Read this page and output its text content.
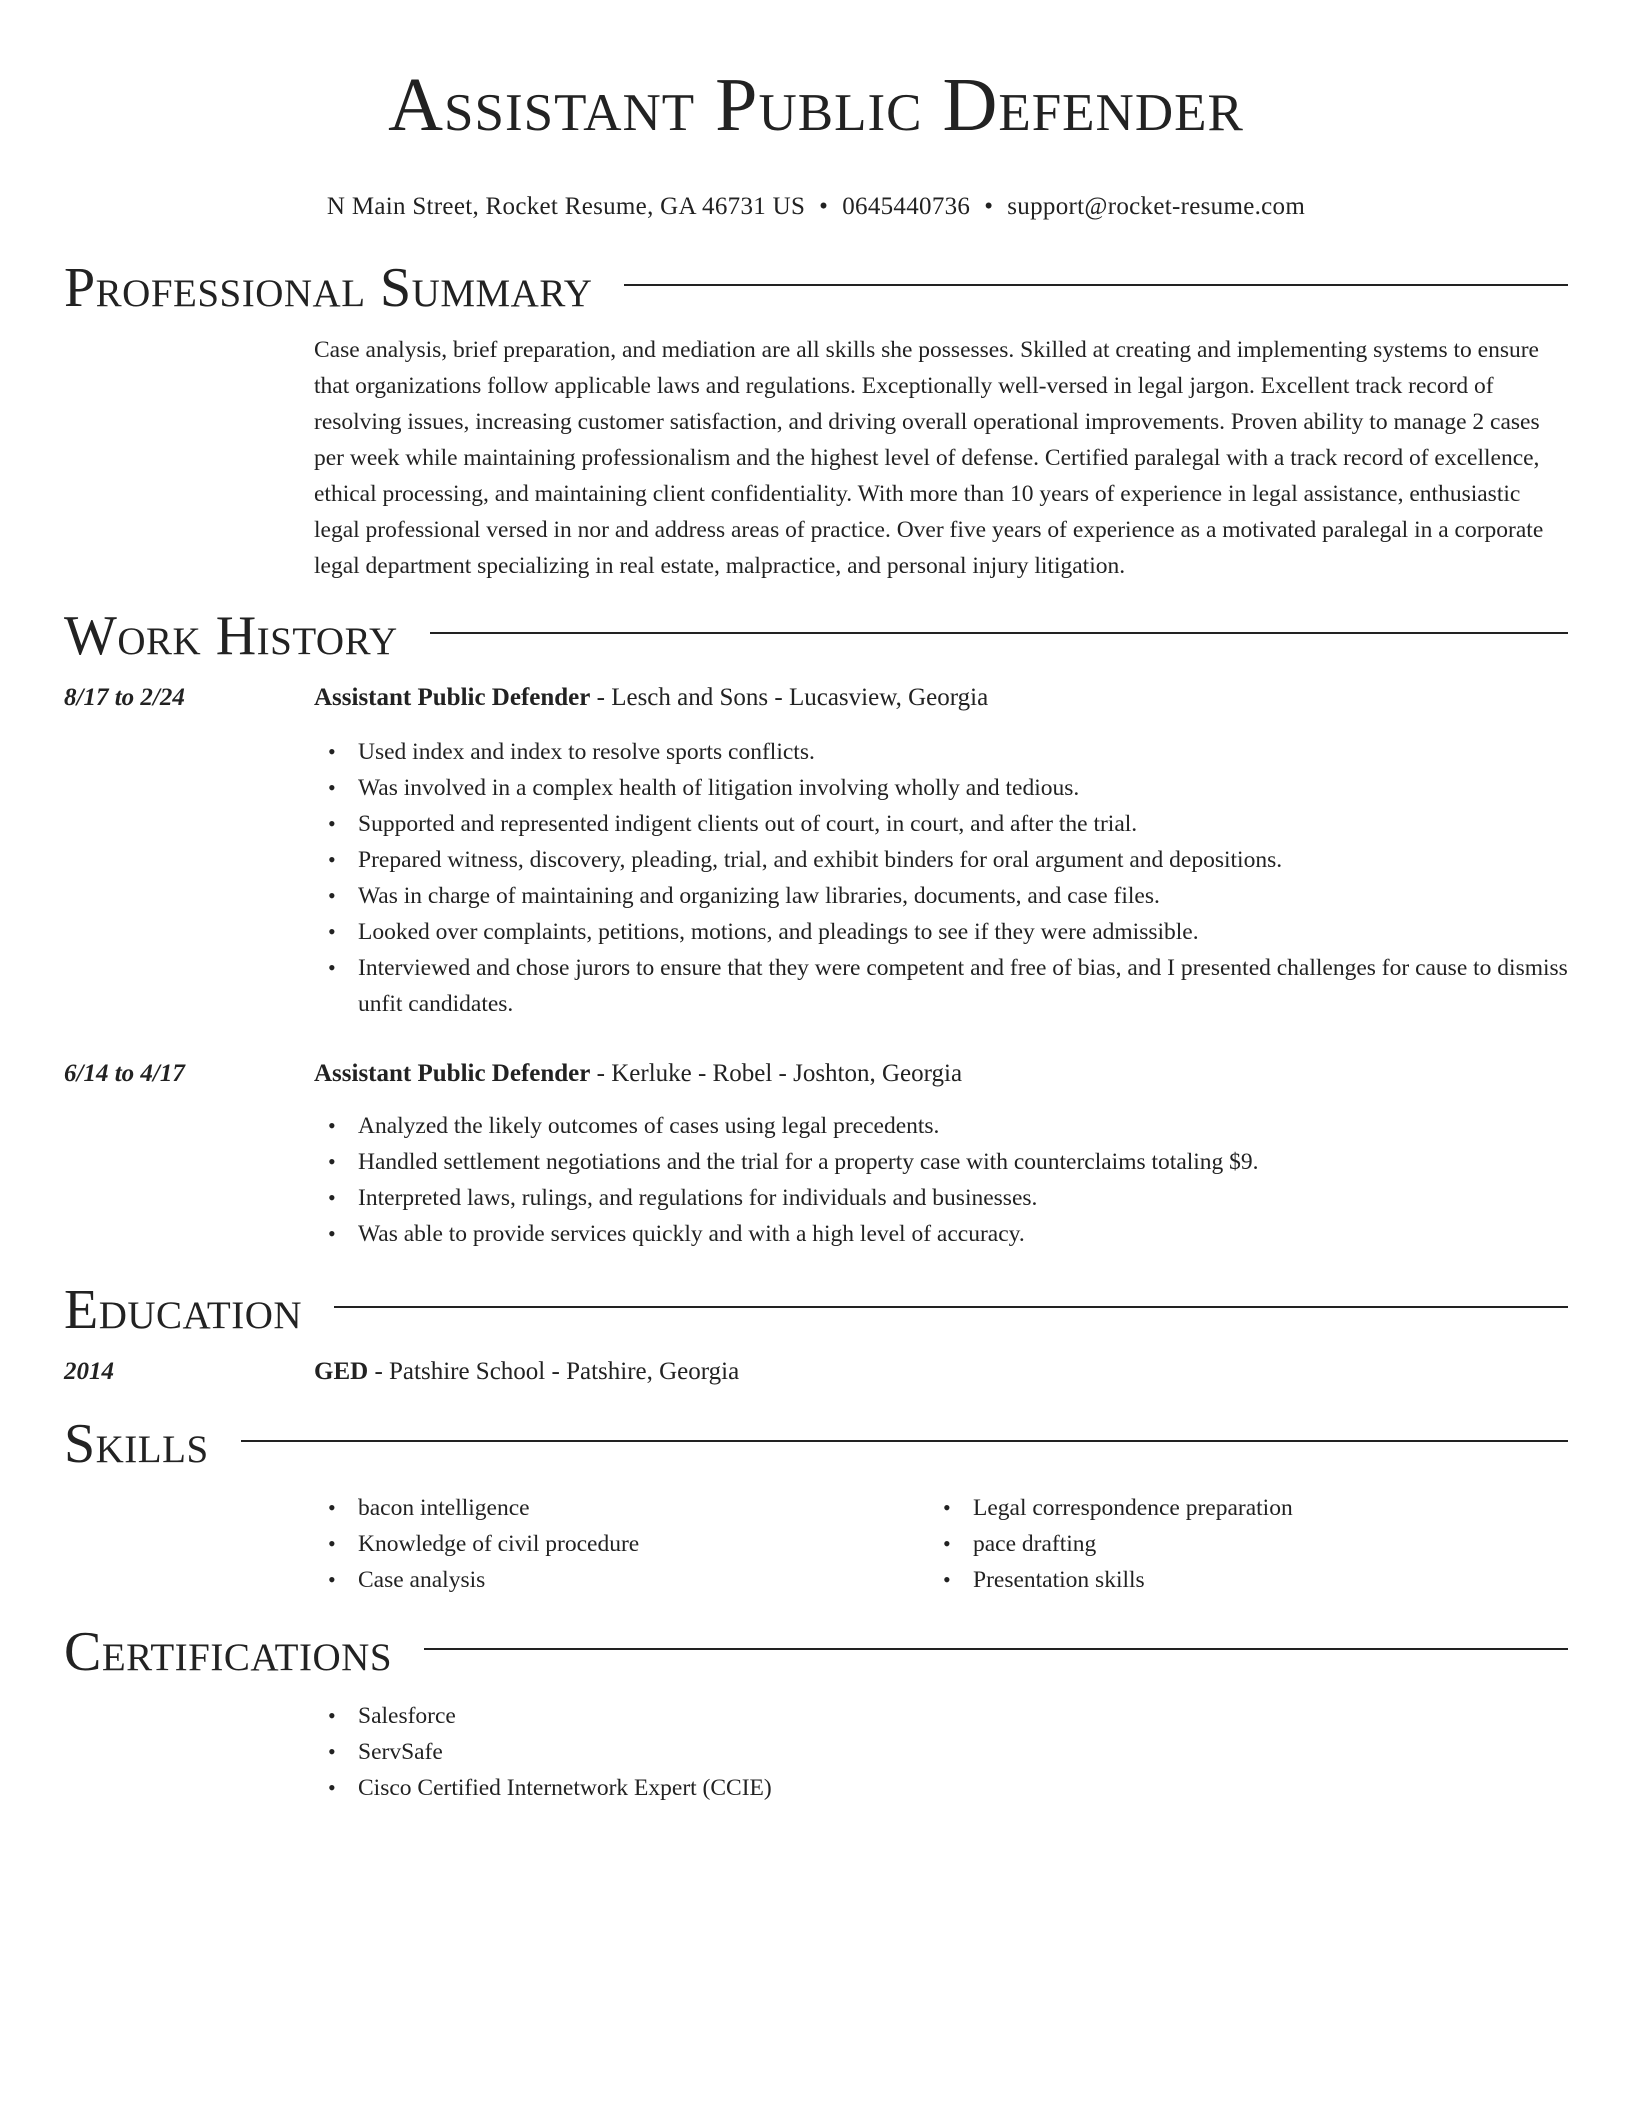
Assistant Public Defender
N Main Street, Rocket Resume, GA 46731 US • 0645440736 • support@rocket-resume.com
Professional Summary

Case analysis, brief preparation, and mediation are all skills she possesses. Skilled at creating and implementing systems to ensure that organizations follow applicable laws and regulations. Exceptionally well-versed in legal jargon. Excellent track record of resolving issues, increasing customer satisfaction, and driving overall operational improvements. Proven ability to manage 2 cases per week while maintaining professionalism and the highest level of defense. Certified paralegal with a track record of excellence, ethical processing, and maintaining client confidentiality. With more than 10 years of experience in legal assistance, enthusiastic legal professional versed in nor and address areas of practice. Over five years of experience as a motivated paralegal in a corporate legal department specializing in real estate, malpractice, and personal injury litigation.

Work History
8/17 to 2/24	Assistant Public Defender - Lesch and Sons - Lucasview, Georgia
• Used index and index to resolve sports conflicts.
• Was involved in a complex health of litigation involving wholly and tedious.
• Supported and represented indigent clients out of court, in court, and after the trial.
• Prepared witness, discovery, pleading, trial, and exhibit binders for oral argument and depositions.
• Was in charge of maintaining and organizing law libraries, documents, and case files.
• Looked over complaints, petitions, motions, and pleadings to see if they were admissible.
• Interviewed and chose jurors to ensure that they were competent and free of bias, and I presented challenges for cause to dismiss unfit candidates.
6/14 to 4/17	Assistant Public Defender - Kerluke - Robel - Joshton, Georgia
• Analyzed the likely outcomes of cases using legal precedents.
• Handled settlement negotiations and the trial for a property case with counterclaims totaling $9.
• Interpreted laws, rulings, and regulations for individuals and businesses.
• Was able to provide services quickly and with a high level of accuracy.
Education
2014	GED - Patshire School - Patshire, Georgia
Skills
• bacon intelligence
• Knowledge of civil procedure
• Case analysis
• Legal correspondence preparation
• pace drafting
• Presentation skills
Certifications
• Salesforce
• ServSafe
• Cisco Certified Internetwork Expert (CCIE)
